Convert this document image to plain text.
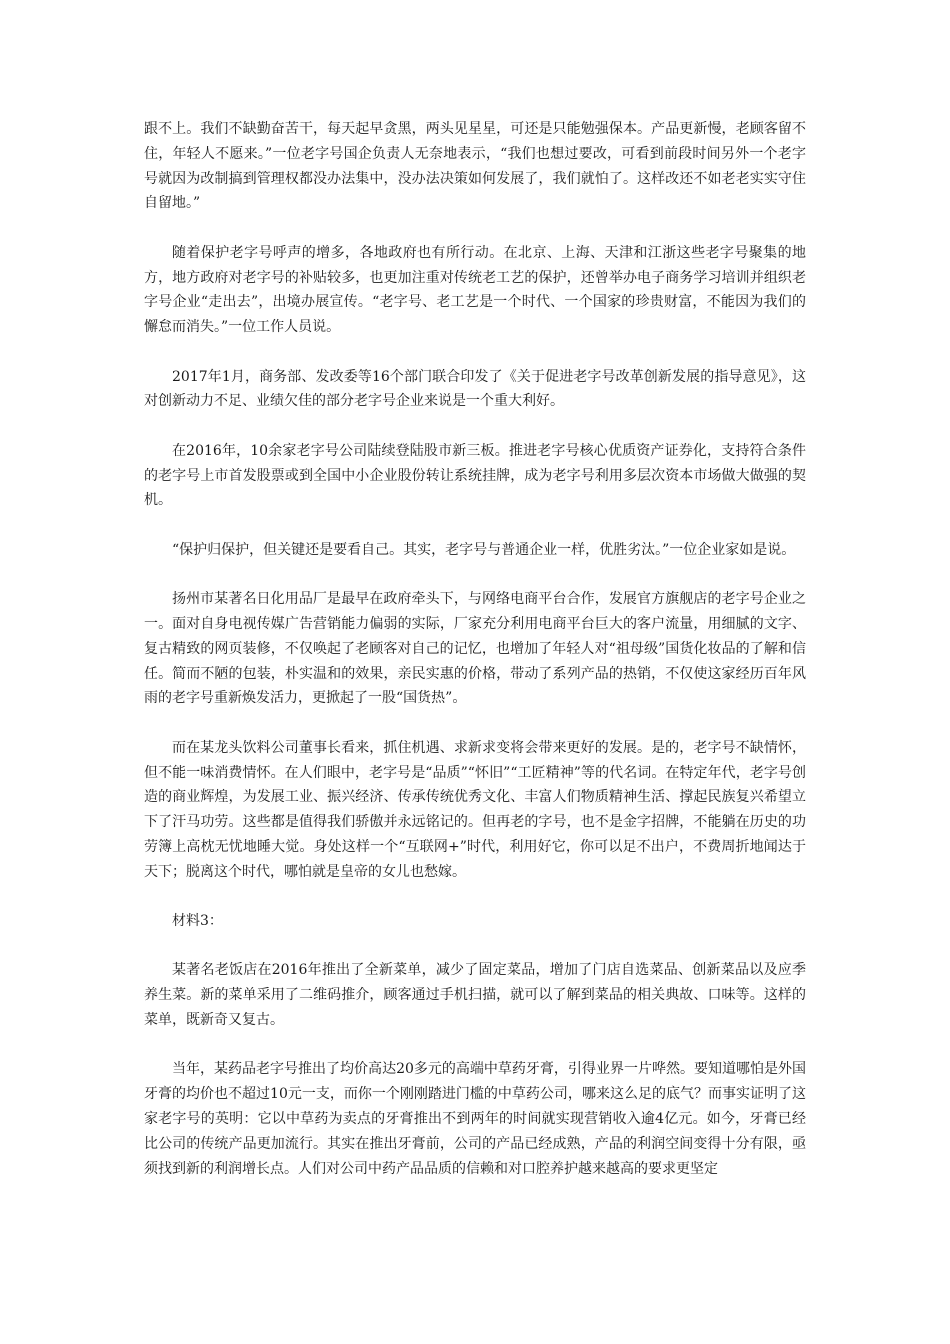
跟不上。我们不缺勤奋苦干，每天起早贪黑，两头见星星，可还是只能勉强保本。产品更新慢，老顾客留不住，年轻人不愿来。”一位老字号国企负责人无奈地表示，“我们也想过要改，可看到前段时间另外一个老字号就因为改制搞到管理权都没办法集中，没办法决策如何发展了，我们就怕了。这样改还不如老老实实守住自留地。”

随着保护老字号呼声的增多，各地政府也有所行动。在北京、上海、天津和江浙这些老字号聚集的地方，地方政府对老字号的补贴较多，也更加注重对传统老工艺的保护，还曾举办电子商务学习培训并组织老字号企业“走出去”，出境办展宣传。“老字号、老工艺是一个时代、一个国家的珍贵财富，不能因为我们的懈怠而消失。”一位工作人员说。

2017年1月，商务部、发改委等16个部门联合印发了《关于促进老字号改革创新发展的指导意见》，这对创新动力不足、业绩欠佳的部分老字号企业来说是一个重大利好。

在2016年，10余家老字号公司陆续登陆股市新三板。推进老字号核心优质资产证券化，支持符合条件的老字号上市首发股票或到全国中小企业股份转让系统挂牌，成为老字号利用多层次资本市场做大做强的契机。

“保护归保护，但关键还是要看自己。其实，老字号与普通企业一样，优胜劣汰。”一位企业家如是说。

扬州市某著名日化用品厂是最早在政府牵头下，与网络电商平台合作，发展官方旗舰店的老字号企业之一。面对自身电视传媒广告营销能力偏弱的实际，厂家充分利用电商平台巨大的客户流量，用细腻的文字、复古精致的网页装修，不仅唤起了老顾客对自己的记忆，也增加了年轻人对“祖母级”国货化妆品的了解和信任。简而不陋的包装，朴实温和的效果，亲民实惠的价格，带动了系列产品的热销，不仅使这家经历百年风雨的老字号重新焕发活力，更掀起了一股“国货热”。

而在某龙头饮料公司董事长看来，抓住机遇、求新求变将会带来更好的发展。是的，老字号不缺情怀，但不能一味消费情怀。在人们眼中，老字号是“品质”“怀旧”“工匠精神”等的代名词。在特定年代，老字号创造的商业辉煌，为发展工业、振兴经济、传承传统优秀文化、丰富人们物质精神生活、撑起民族复兴希望立下了汗马功劳。这些都是值得我们骄傲并永远铭记的。但再老的字号，也不是金字招牌，不能躺在历史的功劳簿上高枕无忧地睡大觉。身处这样一个“互联网+”时代，利用好它，你可以足不出户，不费周折地闻达于天下；脱离这个时代，哪怕就是皇帝的女儿也愁嫁。

材料3：

某著名老饭店在2016年推出了全新菜单，减少了固定菜品，增加了门店自选菜品、创新菜品以及应季养生菜。新的菜单采用了二维码推介，顾客通过手机扫描，就可以了解到菜品的相关典故、口味等。这样的菜单，既新奇又复古。

当年，某药品老字号推出了均价高达20多元的高端中草药牙膏，引得业界一片哗然。要知道哪怕是外国牙膏的均价也不超过10元一支，而你一个刚刚踏进门槛的中草药公司，哪来这么足的底气？而事实证明了这家老字号的英明：它以中草药为卖点的牙膏推出不到两年的时间就实现营销收入逾4亿元。如今，牙膏已经比公司的传统产品更加流行。其实在推出牙膏前，公司的产品已经成熟，产品的利润空间变得十分有限，亟须找到新的利润增长点。人们对公司中药产品品质的信赖和对口腔养护越来越高的要求更坚定
